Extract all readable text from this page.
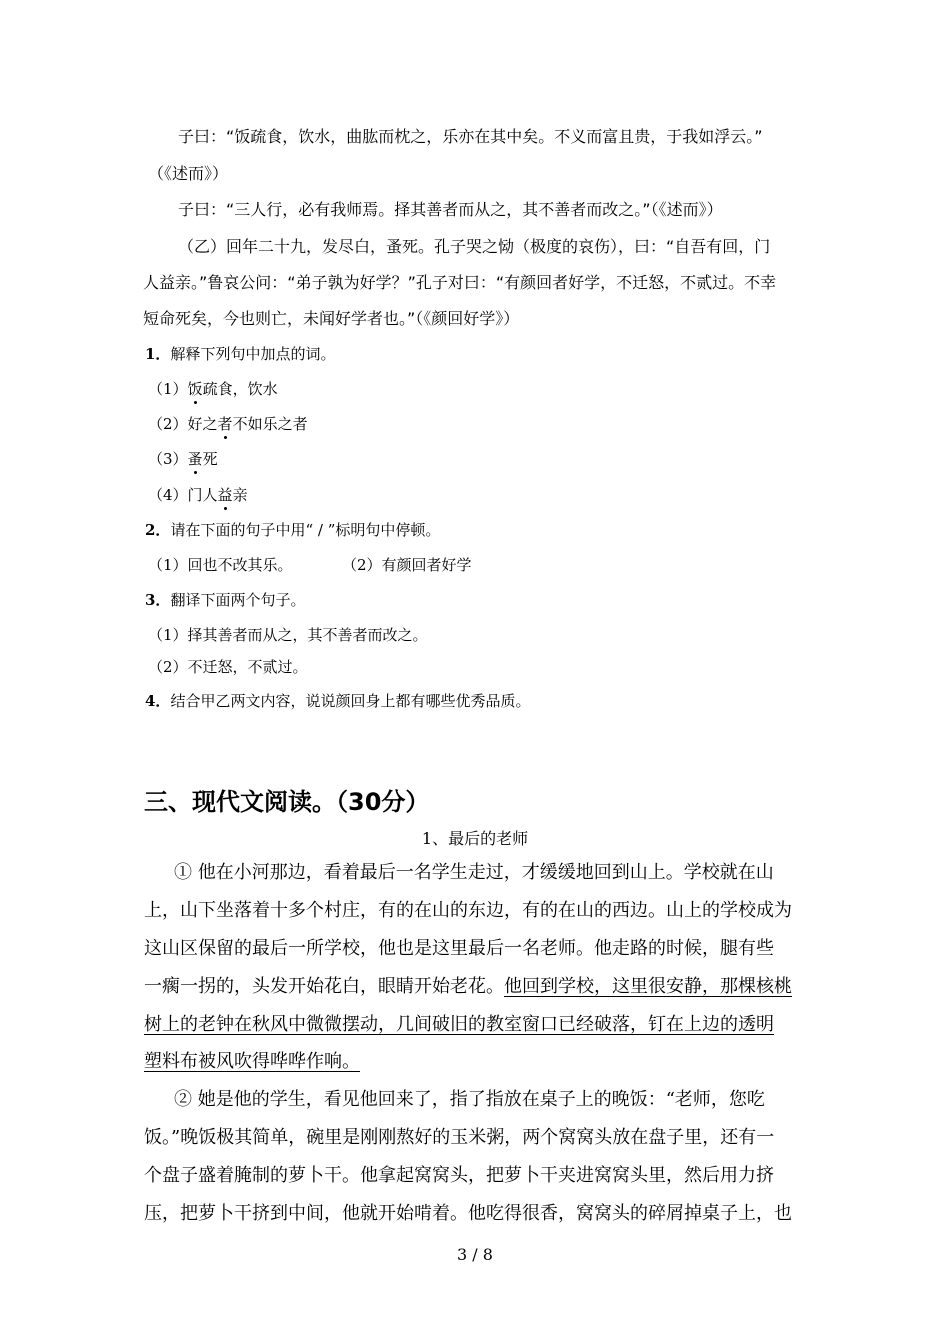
子曰：“饭疏食，饮水，曲肱而枕之，乐亦在其中矣。不义而富且贵，于我如浮云。”
（《述而》）
子曰：“三人行，必有我师焉。择其善者而从之，其不善者而改之。”（《述而》）
（乙）回年二十九，发尽白，蚤死。孔子哭之恸（极度的哀伤），曰：“自吾有回，门
人益亲。”鲁哀公问：“弟子孰为好学？”孔子对曰：“有颜回者好学，不迁怒，不贰过。不幸
短命死矣，今也则亡，未闻好学者也。”（《颜回好学》）
1．解释下列句中加点的词。
（1）饭疏食，饮水
（2）好之者不如乐之者
（3）蚤死
（4）门人益亲
2．请在下面的句子中用“ / ”标明句中停顿。
（1）回也不改其乐。	（2）有颜回者好学
3．翻译下面两个句子。
（1）择其善者而从之，其不善者而改之。
（2）不迁怒，不贰过。
4．结合甲乙两文内容，说说颜回身上都有哪些优秀品质。
三、现代文阅读。（30分）
1、最后的老师
① 他在小河那边，看着最后一名学生走过，才缓缓地回到山上。学校就在山
上，山下坐落着十多个村庄，有的在山的东边，有的在山的西边。山上的学校成为
这山区保留的最后一所学校，他也是这里最后一名老师。他走路的时候，腿有些
一瘸一拐的，头发开始花白，眼睛开始老花。他回到学校，这里很安静，那棵核桃
树上的老钟在秋风中微微摆动，几间破旧的教室窗口已经破落，钉在上边的透明
塑料布被风吹得哗哗作响。
② 她是他的学生，看见他回来了，指了指放在桌子上的晚饭：“老师，您吃
饭。”晚饭极其简单，碗里是刚刚熬好的玉米粥，两个窝窝头放在盘子里，还有一
个盘子盛着腌制的萝卜干。他拿起窝窝头，把萝卜干夹进窝窝头里，然后用力挤
压，把萝卜干挤到中间，他就开始啃着。他吃得很香，窝窝头的碎屑掉桌子上，也
3 / 8
